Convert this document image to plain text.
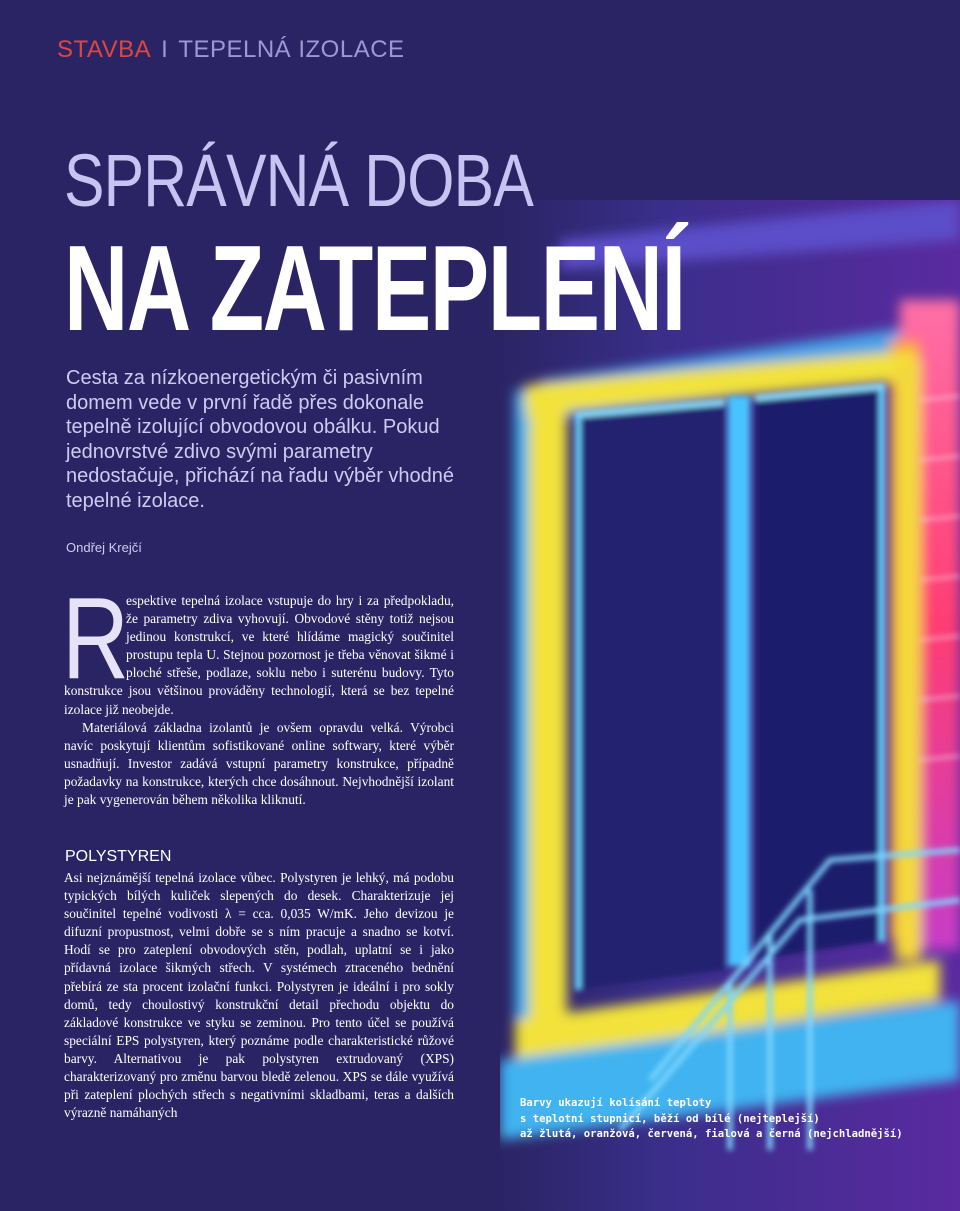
STAVBA I TEPELNÁ IZOLACE
SPRÁVNÁ DOBA
NA ZATEPLENÍ
Cesta za nízkoenergetickým či pasivním domem vede v první řadě přes dokonale tepelně izolující obvodovou obálku. Pokud jednovrstvé zdivo svými parametry nedostačuje, přichází na řadu výběr vhodné tepelné izolace.
Ondřej Krejčí
R

espektive tepelná izolace vstupuje do hry i za předpokladu, že parametry zdiva vyhovují. Obvodové stěny totiž nejsou jedinou konstrukcí, ve které hlídáme magický součinitel prostupu tepla U. Stejnou pozornost je třeba věnovat šikmé i ploché střeše, podlaze, soklu nebo i suterénu budovy. Tyto konstrukce jsou většinou prováděny technologií, která se bez tepelné izolace již neobejde.

Materiálová základna izolantů je ovšem opravdu velká. Výrobci navíc poskytují klientům sofistikované online softwary, které výběr usnadňují. Investor zadává vstupní parametry konstrukce, případně požadavky na konstrukce, kterých chce dosáhnout. Nejvhodnější izolant je pak vygenerován během několika kliknutí.

POLYSTYREN

Asi nejznámější tepelná izolace vůbec. Polystyren je lehký, má podobu typických bílých kuliček slepených do desek. Charakterizuje jej součinitel tepelné vodivosti λ = cca. 0,035 W/mK. Jeho devizou je difuzní propustnost, velmi dobře se s ním pracuje a snadno se kotví. Hodí se pro zateplení obvodových stěn, podlah, uplatní se i jako přídavná izolace šikmých střech. V systémech ztraceného bednění přebírá ze sta procent izolační funkci. Polystyren je ideální i pro sokly domů, tedy choulostivý konstrukční detail přechodu objektu do základové konstrukce ve styku se zeminou. Pro tento účel se používá speciální EPS polystyren, který poznáme podle charakteristické růžové barvy. Alternativou je pak polystyren extrudovaný (XPS) charakterizovaný pro změnu barvou bledě zelenou. XPS se dále využívá při zateplení plochých střech s negativními skladbami, teras a dalších výrazně namáhaných

Barvy ukazují kolísání teploty
s teplotní stupnicí, běží od bílé (nejteplejší)
až žlutá, oranžová, červená, fialová a černá (nejchladnější)
